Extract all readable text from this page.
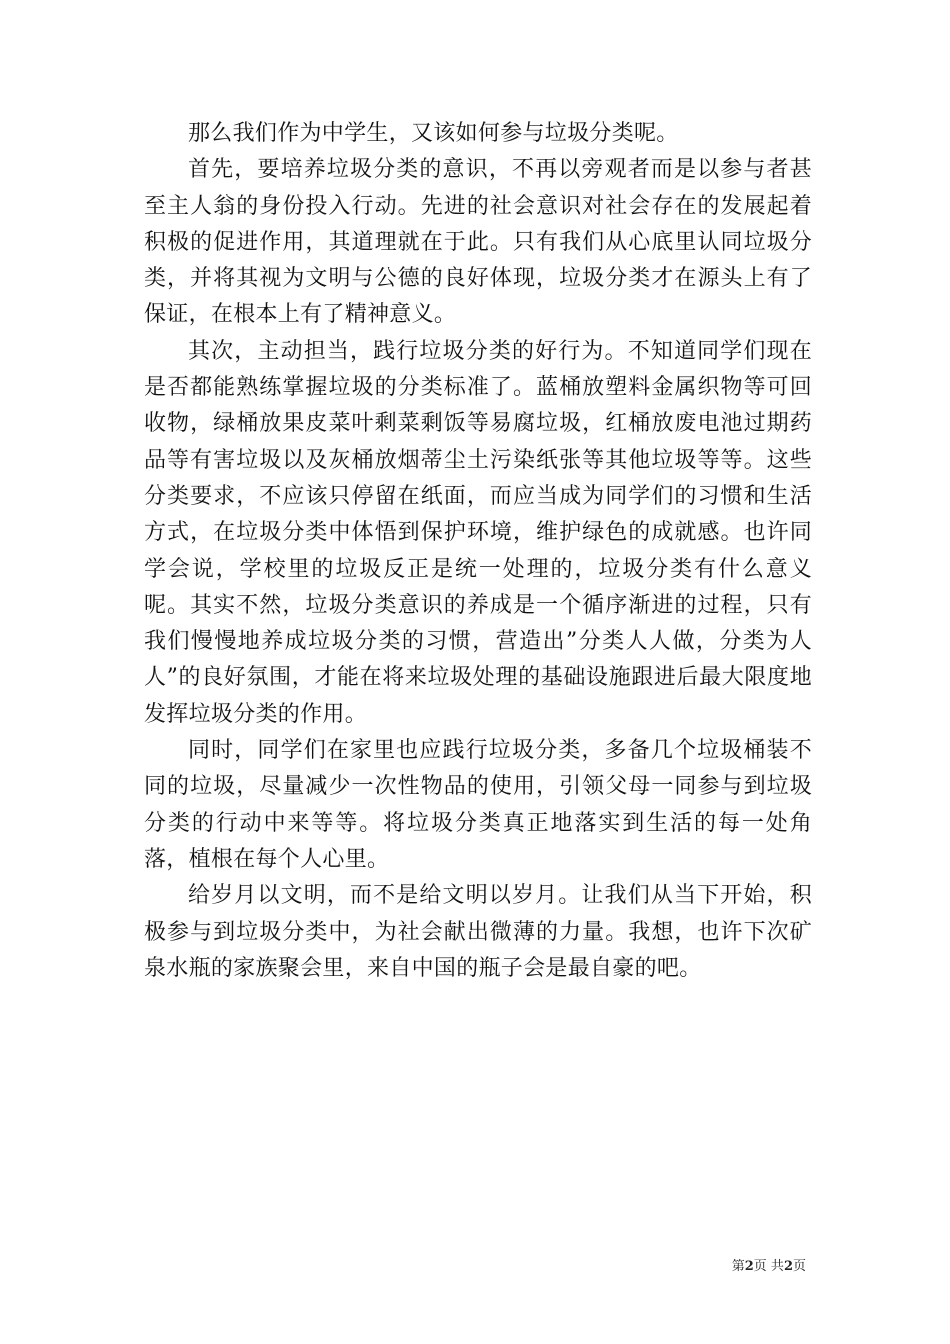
那么我们作为中学生，又该如何参与垃圾分类呢。

首先，要培养垃圾分类的意识，不再以旁观者而是以参与者甚至主人翁的身份投入行动。先进的社会意识对社会存在的发展起着积极的促进作用，其道理就在于此。只有我们从心底里认同垃圾分类，并将其视为文明与公德的良好体现，垃圾分类才在源头上有了保证，在根本上有了精神意义。

其次，主动担当，践行垃圾分类的好行为。不知道同学们现在是否都能熟练掌握垃圾的分类标准了。蓝桶放塑料金属织物等可回收物，绿桶放果皮菜叶剩菜剩饭等易腐垃圾，红桶放废电池过期药品等有害垃圾以及灰桶放烟蒂尘土污染纸张等其他垃圾等等。这些分类要求，不应该只停留在纸面，而应当成为同学们的习惯和生活方式，在垃圾分类中体悟到保护环境，维护绿色的成就感。也许同学会说，学校里的垃圾反正是统一处理的，垃圾分类有什么意义呢。其实不然，垃圾分类意识的养成是一个循序渐进的过程，只有我们慢慢地养成垃圾分类的习惯，营造出”分类人人做，分类为人人”的良好氛围，才能在将来垃圾处理的基础设施跟进后最大限度地发挥垃圾分类的作用。

同时，同学们在家里也应践行垃圾分类，多备几个垃圾桶装不同的垃圾，尽量减少一次性物品的使用，引领父母一同参与到垃圾分类的行动中来等等。将垃圾分类真正地落实到生活的每一处角落，植根在每个人心里。

给岁月以文明，而不是给文明以岁月。让我们从当下开始，积极参与到垃圾分类中，为社会献出微薄的力量。我想，也许下次矿泉水瓶的家族聚会里，来自中国的瓶子会是最自豪的吧。

第2页 共2页
